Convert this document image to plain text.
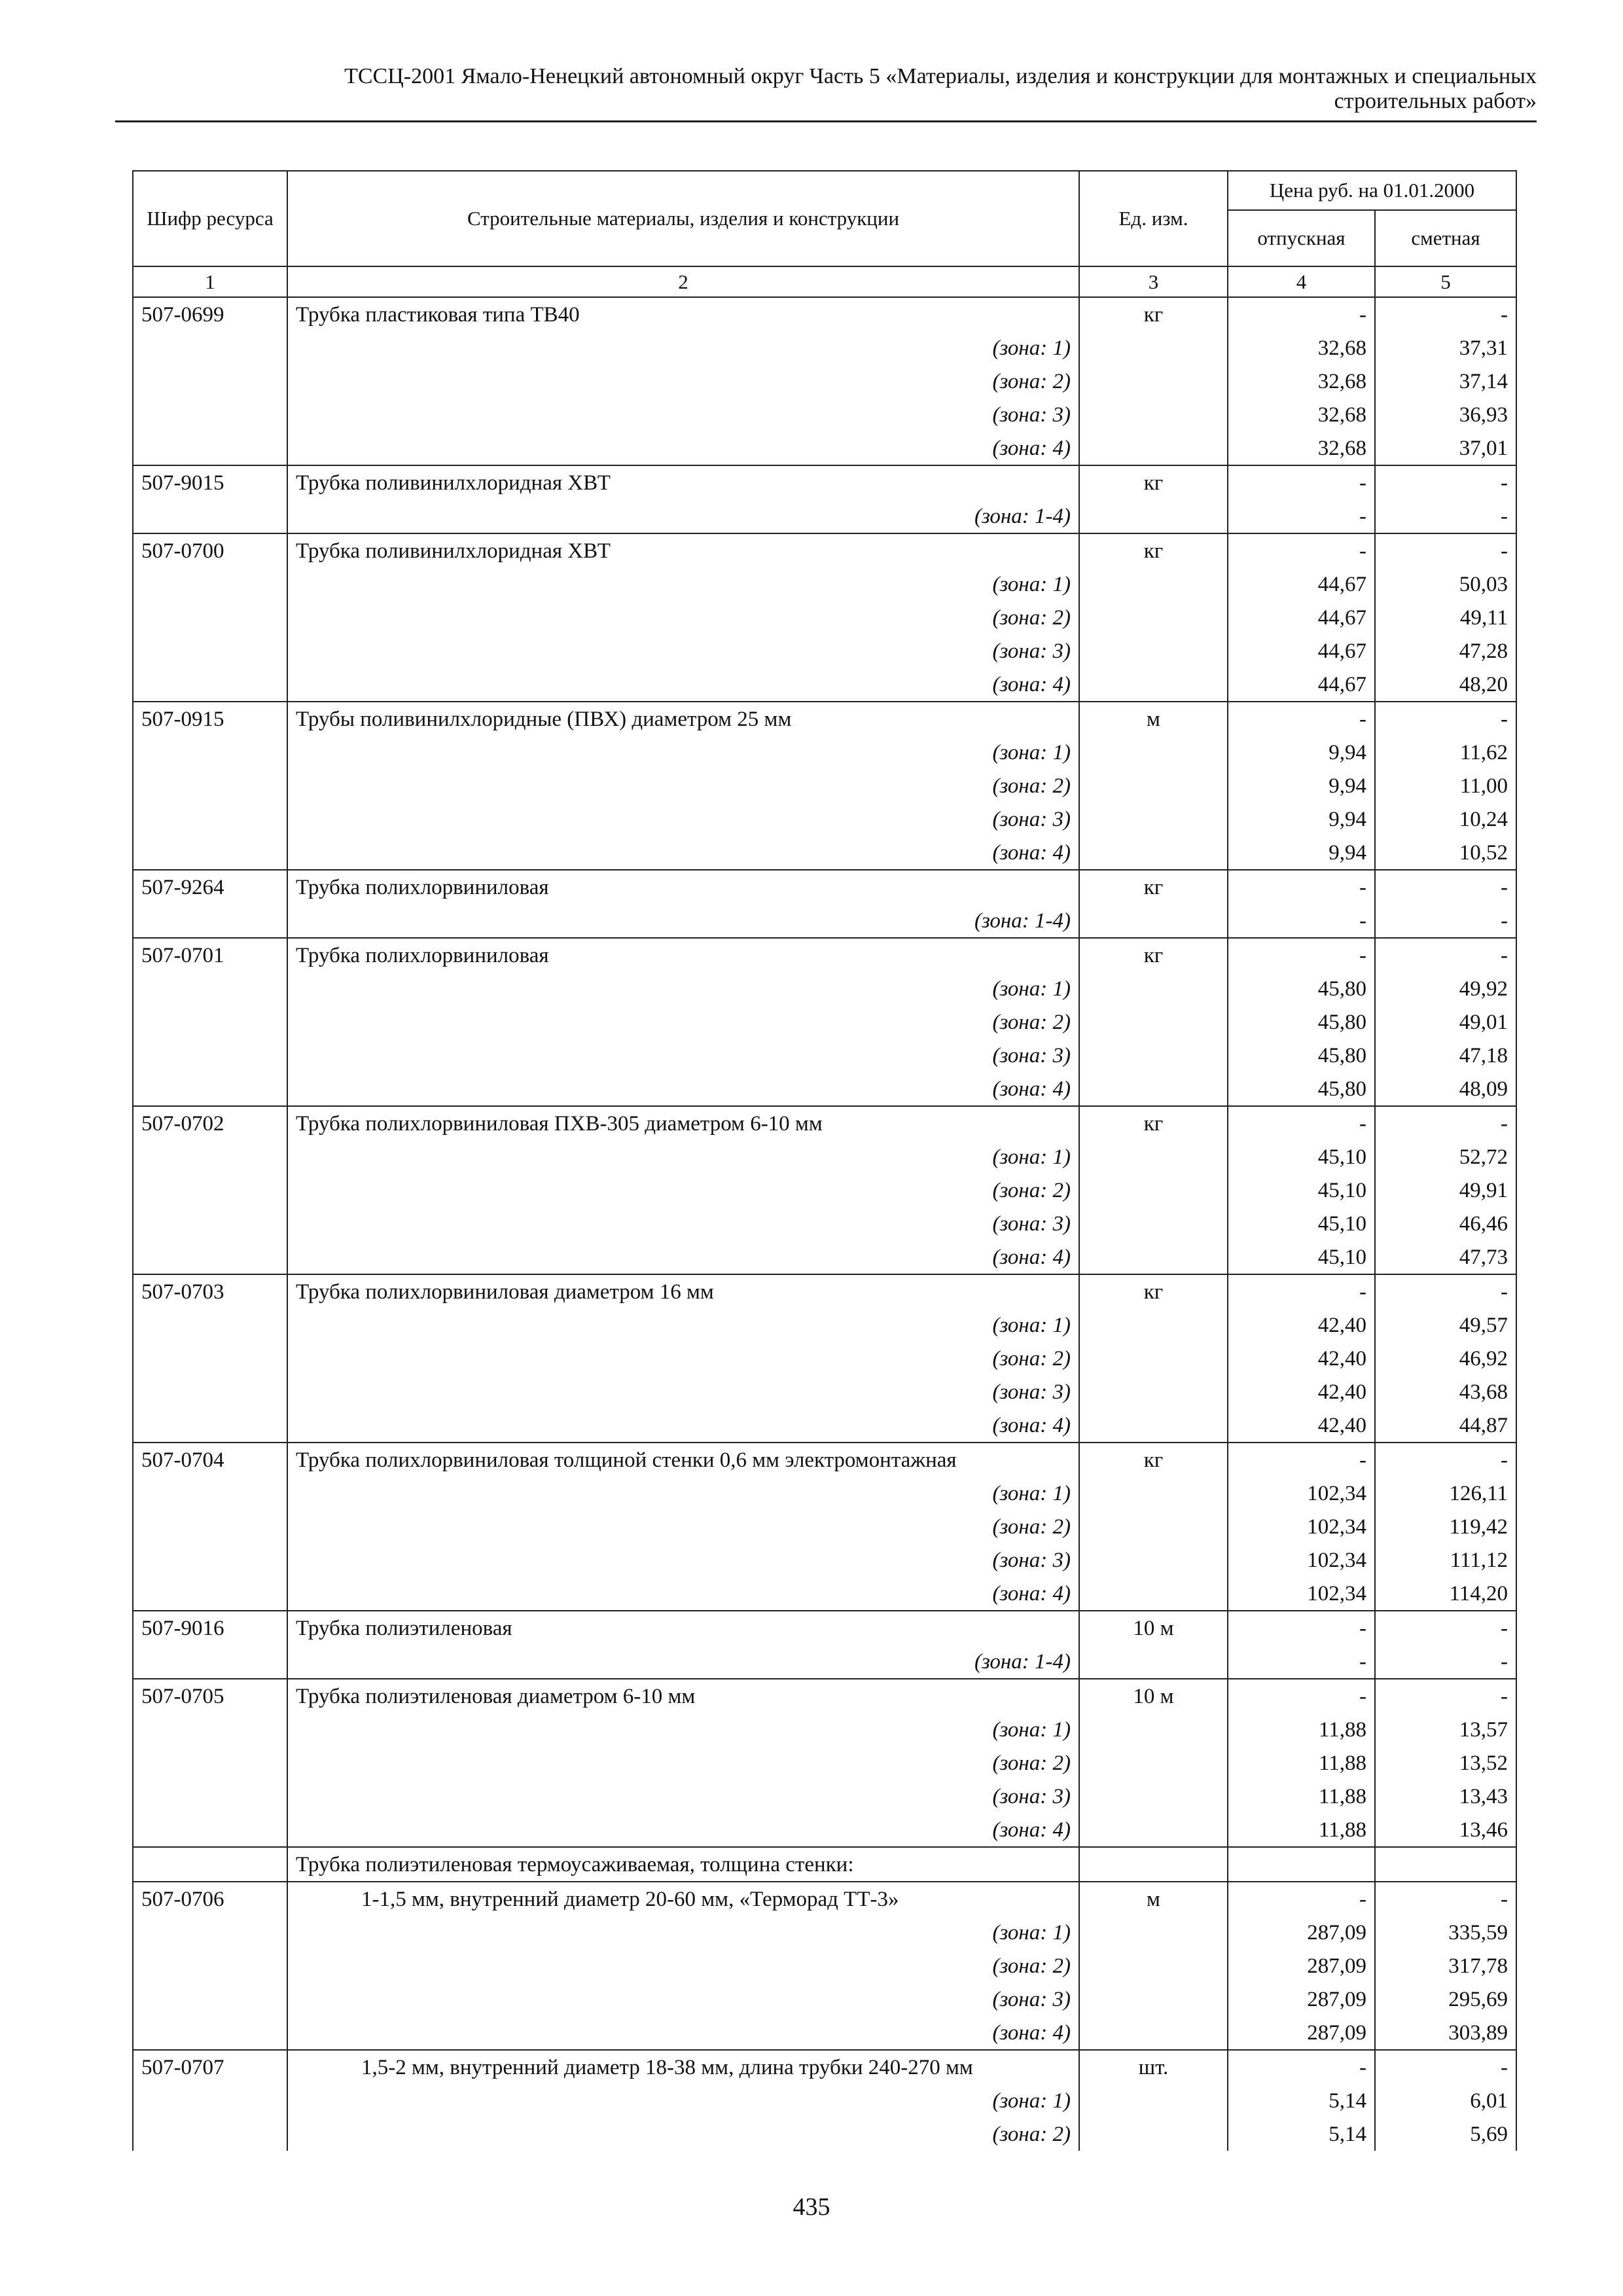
ТССЦ-2001 Ямало-Ненецкий автономный округ Часть 5 «Материалы, изделия и конструкции для монтажных и специальных
строительных работ»
Шифр ресурса	Строительные материалы, изделия и конструкции	Ед. изм.	Цена руб. на 01.01.2000	
			отпускная	сметная
1	2	3	4	5
507-0699	Трубка пластиковая типа ТВ40	кг	-	-
	(зона: 1)		32,68	37,31
	(зона: 2)		32,68	37,14
	(зона: 3)		32,68	36,93
	(зона: 4)		32,68	37,01
507-9015	Трубка поливинилхлоридная ХВТ	кг	-	-
	(зона: 1-4)		-	-
507-0700	Трубка поливинилхлоридная ХВТ	кг	-	-
	(зона: 1)		44,67	50,03
	(зона: 2)		44,67	49,11
	(зона: 3)		44,67	47,28
	(зона: 4)		44,67	48,20
507-0915	Трубы поливинилхлоридные (ПВХ) диаметром 25 мм	м	-	-
	(зона: 1)		9,94	11,62
	(зона: 2)		9,94	11,00
	(зона: 3)		9,94	10,24
	(зона: 4)		9,94	10,52
507-9264	Трубка полихлорвиниловая	кг	-	-
	(зона: 1-4)		-	-
507-0701	Трубка полихлорвиниловая	кг	-	-
	(зона: 1)		45,80	49,92
	(зона: 2)		45,80	49,01
	(зона: 3)		45,80	47,18
	(зона: 4)		45,80	48,09
507-0702	Трубка полихлорвиниловая ПХВ-305 диаметром 6-10 мм	кг	-	-
	(зона: 1)		45,10	52,72
	(зона: 2)		45,10	49,91
	(зона: 3)		45,10	46,46
	(зона: 4)		45,10	47,73
507-0703	Трубка полихлорвиниловая диаметром 16 мм	кг	-	-
	(зона: 1)		42,40	49,57
	(зона: 2)		42,40	46,92
	(зона: 3)		42,40	43,68
	(зона: 4)		42,40	44,87
507-0704	Трубка полихлорвиниловая толщиной стенки 0,6 мм электромонтажная	кг	-	-
	(зона: 1)		102,34	126,11
	(зона: 2)		102,34	119,42
	(зона: 3)		102,34	111,12
	(зона: 4)		102,34	114,20
507-9016	Трубка полиэтиленовая	10 м	-	-
	(зона: 1-4)		-	-
507-0705	Трубка полиэтиленовая диаметром 6-10 мм	10 м	-	-
	(зона: 1)		11,88	13,57
	(зона: 2)		11,88	13,52
	(зона: 3)		11,88	13,43
	(зона: 4)		11,88	13,46
	Трубка полиэтиленовая термоусаживаемая, толщина стенки:			
507-0706	1-1,5 мм, внутренний диаметр 20-60 мм, «Терморад ТТ-3»	м	-	-
	(зона: 1)		287,09	335,59
	(зона: 2)		287,09	317,78
	(зона: 3)		287,09	295,69
	(зона: 4)		287,09	303,89
507-0707	1,5-2 мм, внутренний диаметр 18-38 мм, длина трубки 240-270 мм	шт.	-	-
	(зона: 1)		5,14	6,01
	(зона: 2)		5,14	5,69
435
